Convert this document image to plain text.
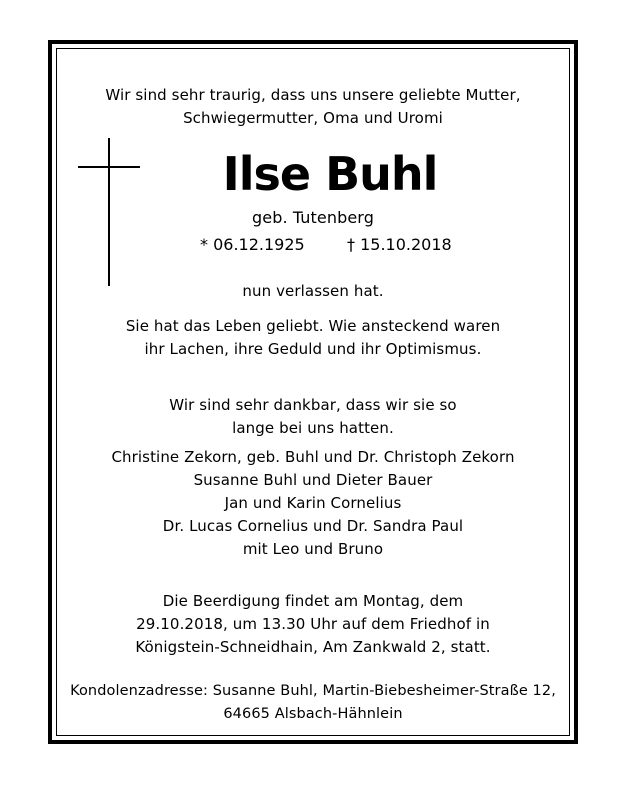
Wir sind sehr traurig, dass uns unsere geliebte Mutter,
Schwiegermutter, Oma und Uromi
Ilse Buhl
geb. Tutenberg
* 06.12.1925	† 15.10.2018
nun verlassen hat.
Sie hat das Leben geliebt. Wie ansteckend waren
ihr Lachen, ihre Geduld und ihr Optimismus.
Wir sind sehr dankbar, dass wir sie so
lange bei uns hatten.
Christine Zekorn, geb. Buhl und Dr. Christoph Zekorn
Susanne Buhl und Dieter Bauer
Jan und Karin Cornelius
Dr. Lucas Cornelius und Dr. Sandra Paul
mit Leo und Bruno
Die Beerdigung findet am Montag, dem
29.10.2018, um 13.30 Uhr auf dem Friedhof in
Königstein-Schneidhain, Am Zankwald 2, statt.
Kondolenzadresse: Susanne Buhl, Martin-Biebesheimer-Straße 12,
64665 Alsbach-Hähnlein
